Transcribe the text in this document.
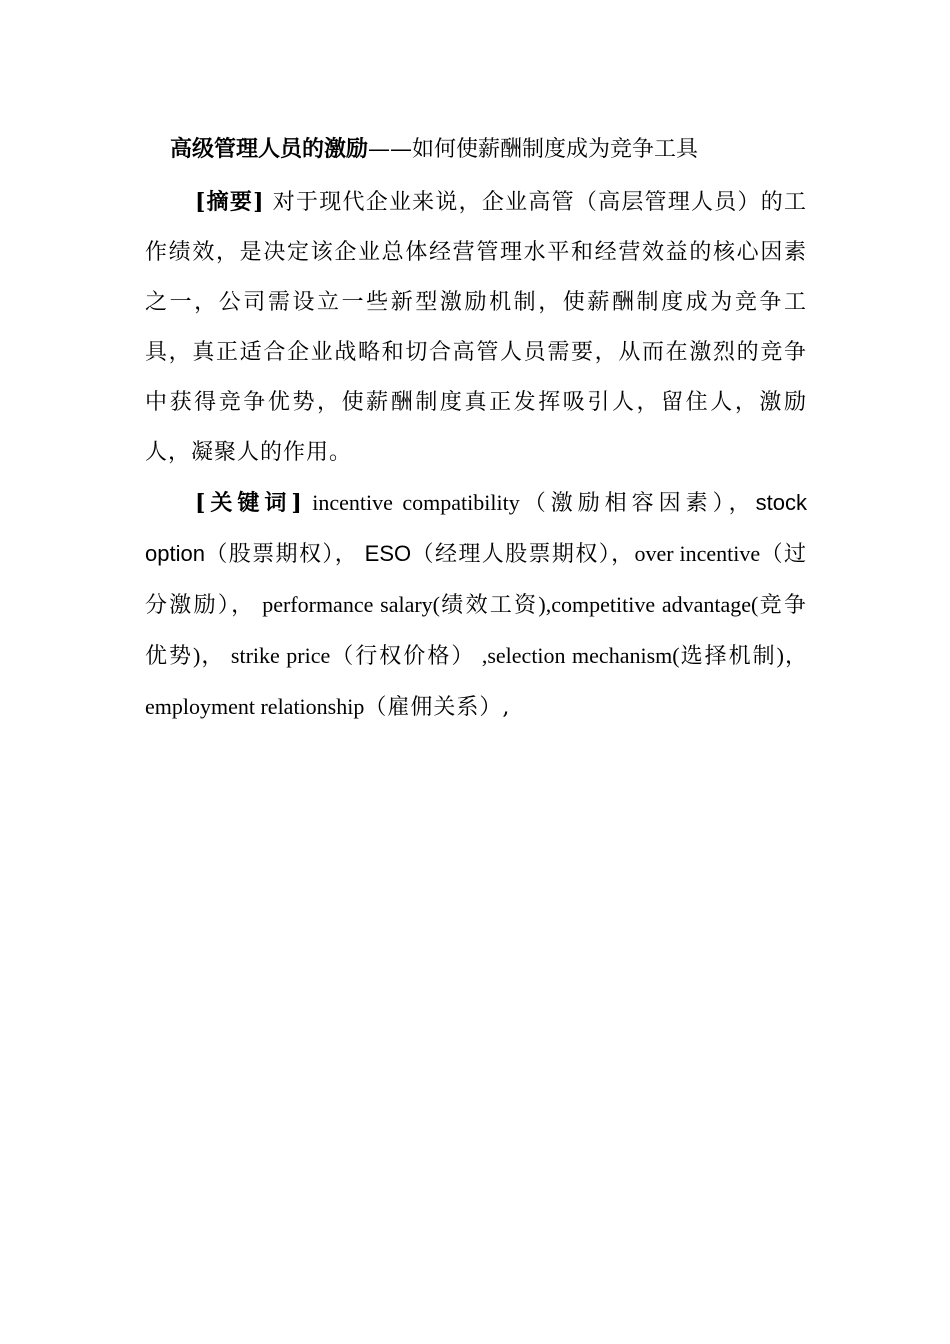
高级管理人员的激励——如何使薪酬制度成为竞争工具

[摘要] 对于现代企业来说，企业高管（高层管理人员）的工作绩效，是决定该企业总体经营管理水平和经营效益的核心因素之一，公司需设立一些新型激励机制，使薪酬制度成为竞争工具，真正适合企业战略和切合高管人员需要，从而在激烈的竞争中获得竞争优势，使薪酬制度真正发挥吸引人，留住人，激励人，凝聚人的作用。

[关键词] incentive compatibility（激励相容因素），stock option（股票期权）， ESO（经理人股票期权），over incentive（过分激励）， performance salary(绩效工资),competitive advantage(竞争优势)， strike price（行权价格） ,selection mechanism(选择机制)， employment relationship（雇佣关系）,
